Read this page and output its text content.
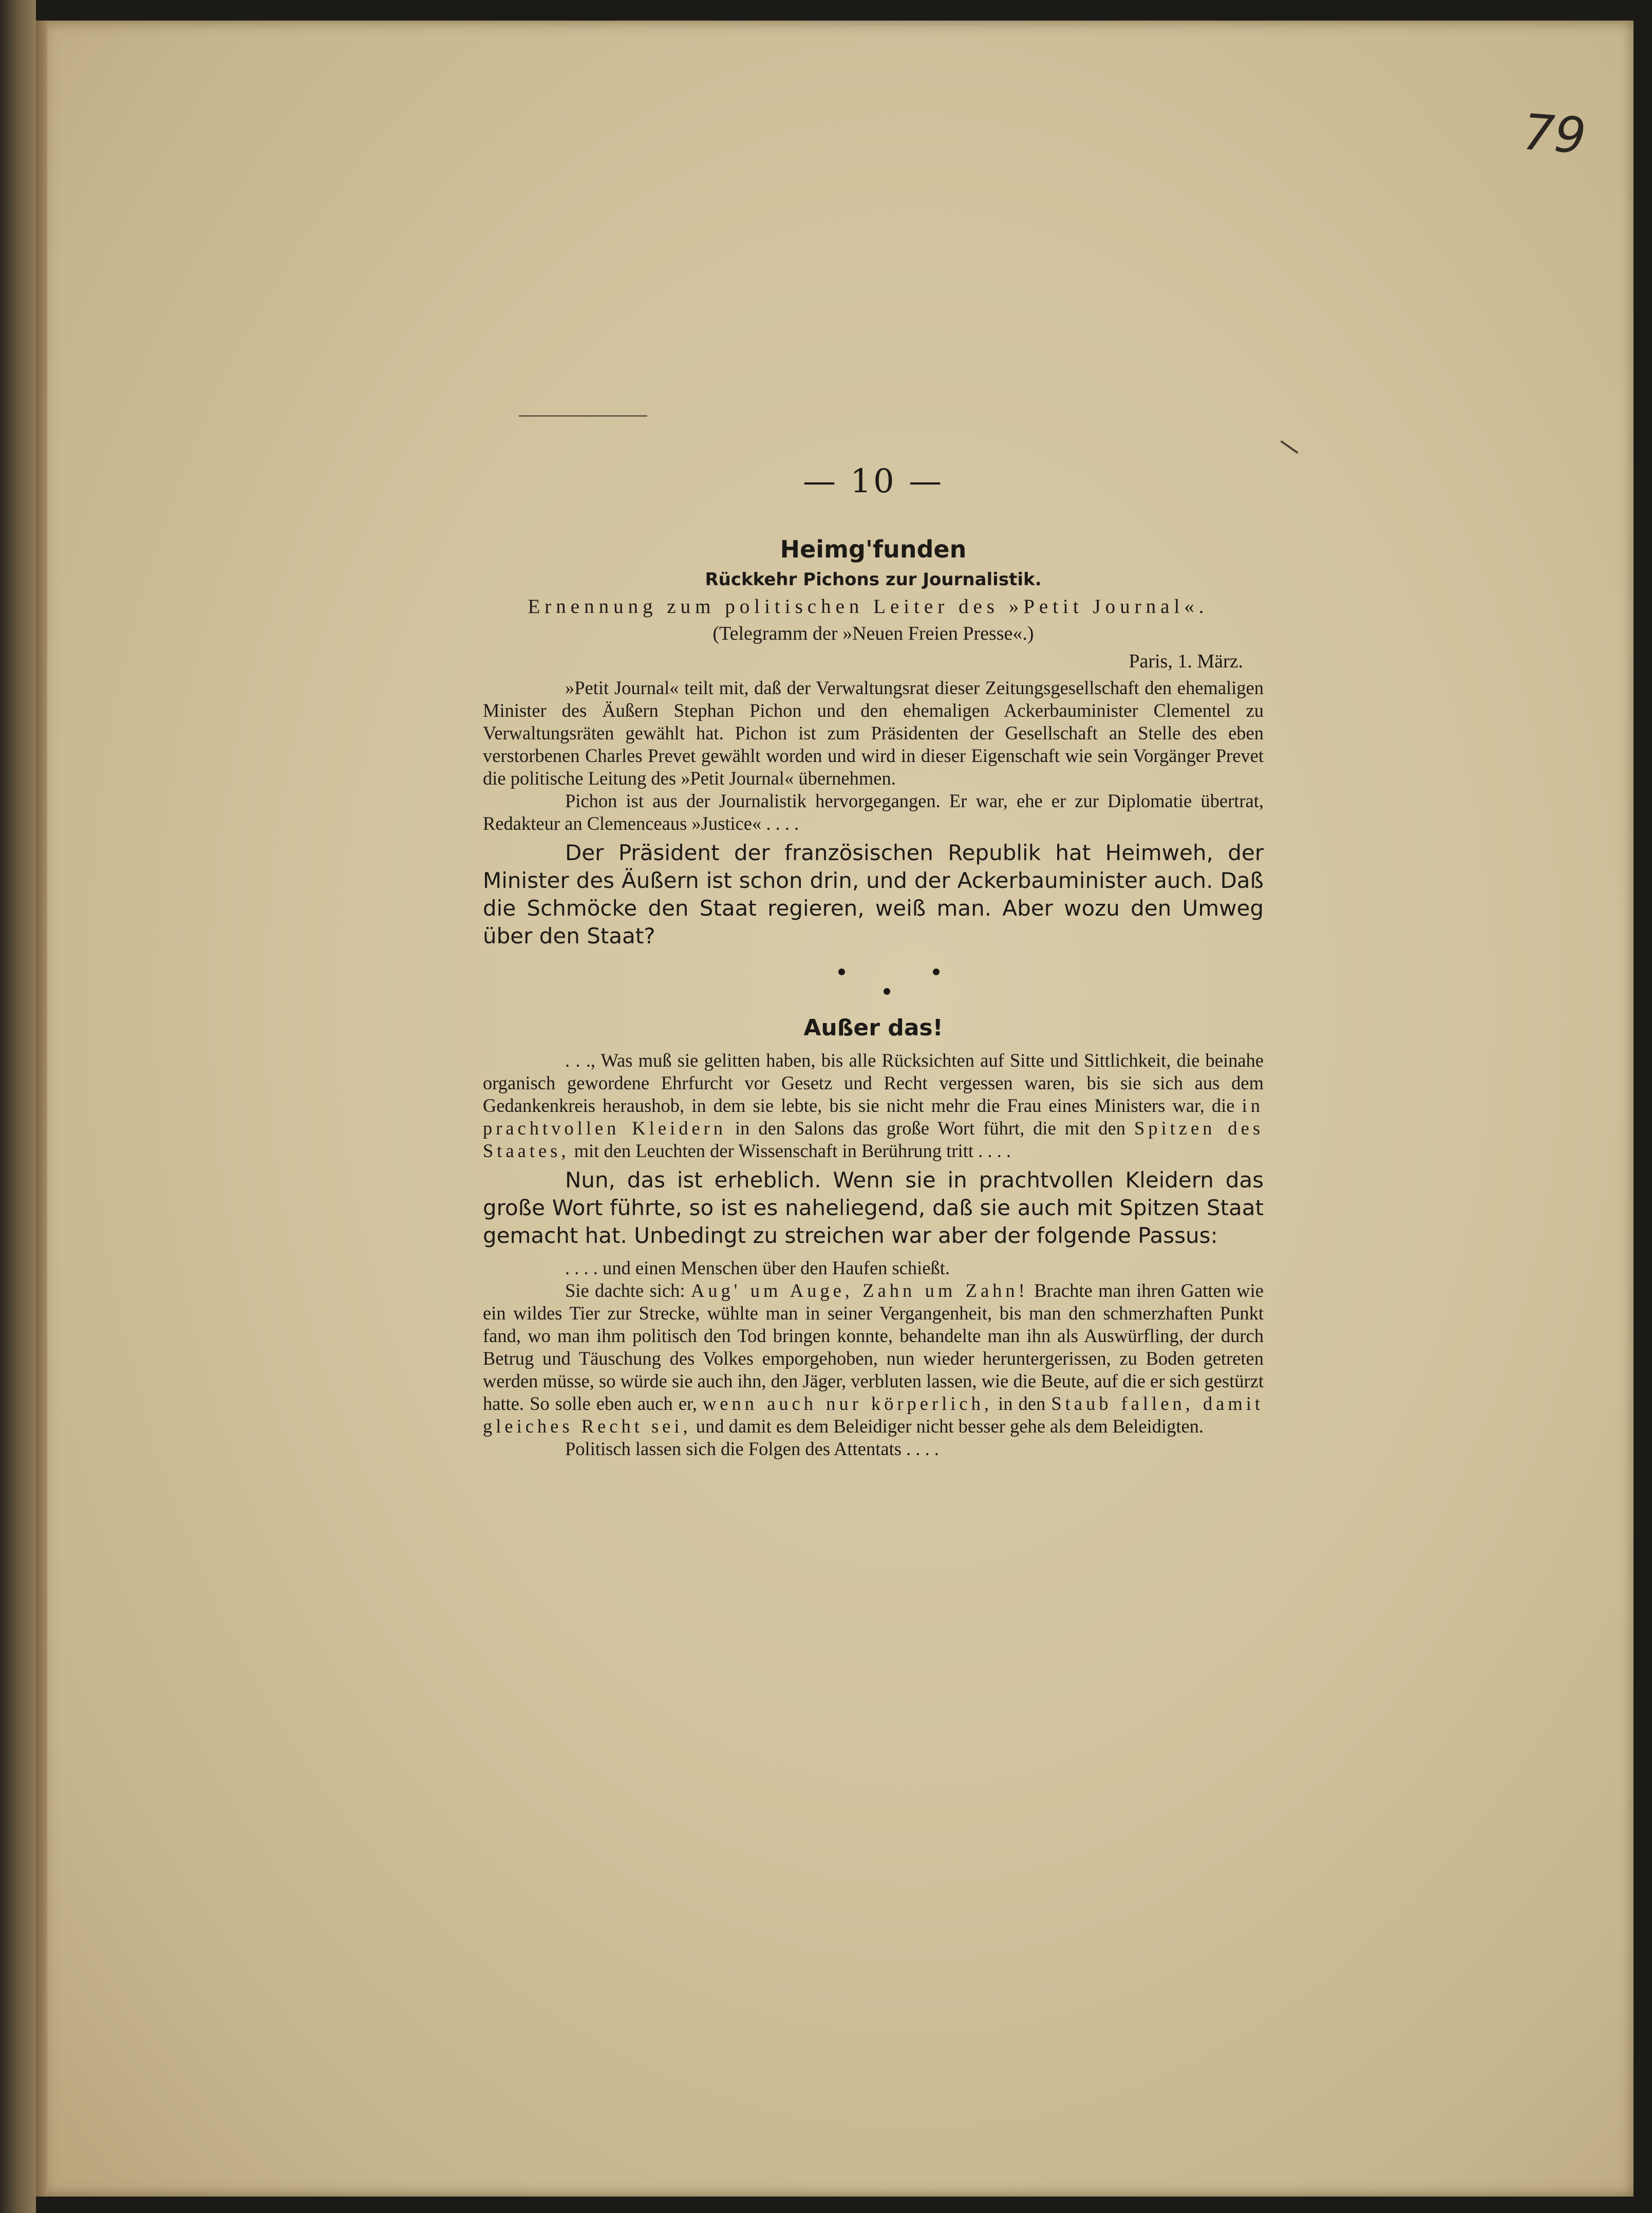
79
— 10 —
Heimg'funden
Rückkehr Pichons zur Journalistik.
Ernennung zum politischen Leiter des »Petit Journal«.
(Telegramm der »Neuen Freien Presse«.)
Paris, 1. März.

»Petit Journal« teilt mit, daß der Verwaltungsrat dieser Zeitungsgesellschaft den ehemaligen Minister des Äußern Stephan Pichon und den ehemaligen Ackerbauminister Clementel zu Verwaltungsräten gewählt hat. Pichon ist zum Präsidenten der Gesellschaft an Stelle des eben verstorbenen Charles Prevet gewählt worden und wird in dieser Eigenschaft wie sein Vorgänger Prevet die politische Leitung des »Petit Journal« übernehmen.

Pichon ist aus der Journalistik hervorgegangen. Er war, ehe er zur Diplomatie übertrat, Redakteur an Clemenceaus »Justice« . . . .

Der Präsident der französischen Republik hat Heimweh, der Minister des Äußern ist schon drin, und der Ackerbauminister auch. Daß die Schmöcke den Staat regieren, weiß man. Aber wozu den Umweg über den Staat?

Außer das!

. . ., Was muß sie gelitten haben, bis alle Rücksichten auf Sitte und Sittlichkeit, die beinahe organisch gewordene Ehrfurcht vor Gesetz und Recht vergessen waren, bis sie sich aus dem Gedankenkreis heraushob, in dem sie lebte, bis sie nicht mehr die Frau eines Ministers war, die in prachtvollen Kleidern in den Salons das große Wort führt, die mit den Spitzen des Staates, mit den Leuchten der Wissenschaft in Berührung tritt . . . .

Nun, das ist erheblich. Wenn sie in prachtvollen Kleidern das große Wort führte, so ist es naheliegend, daß sie auch mit Spitzen Staat gemacht hat. Unbedingt zu streichen war aber der folgende Passus:

. . . . und einen Menschen über den Haufen schießt.

Sie dachte sich: Aug' um Auge, Zahn um Zahn! Brachte man ihren Gatten wie ein wildes Tier zur Strecke, wühlte man in seiner Vergangenheit, bis man den schmerzhaften Punkt fand, wo man ihm politisch den Tod bringen konnte, behandelte man ihn als Auswürfling, der durch Betrug und Täuschung des Volkes emporgehoben, nun wieder heruntergerissen, zu Boden getreten werden müsse, so würde sie auch ihn, den Jäger, verbluten lassen, wie die Beute, auf die er sich gestürzt hatte. So solle eben auch er, wenn auch nur körperlich, in den Staub fallen, damit gleiches Recht sei, und damit es dem Beleidiger nicht besser gehe als dem Beleidigten.

Politisch lassen sich die Folgen des Attentats . . . .
